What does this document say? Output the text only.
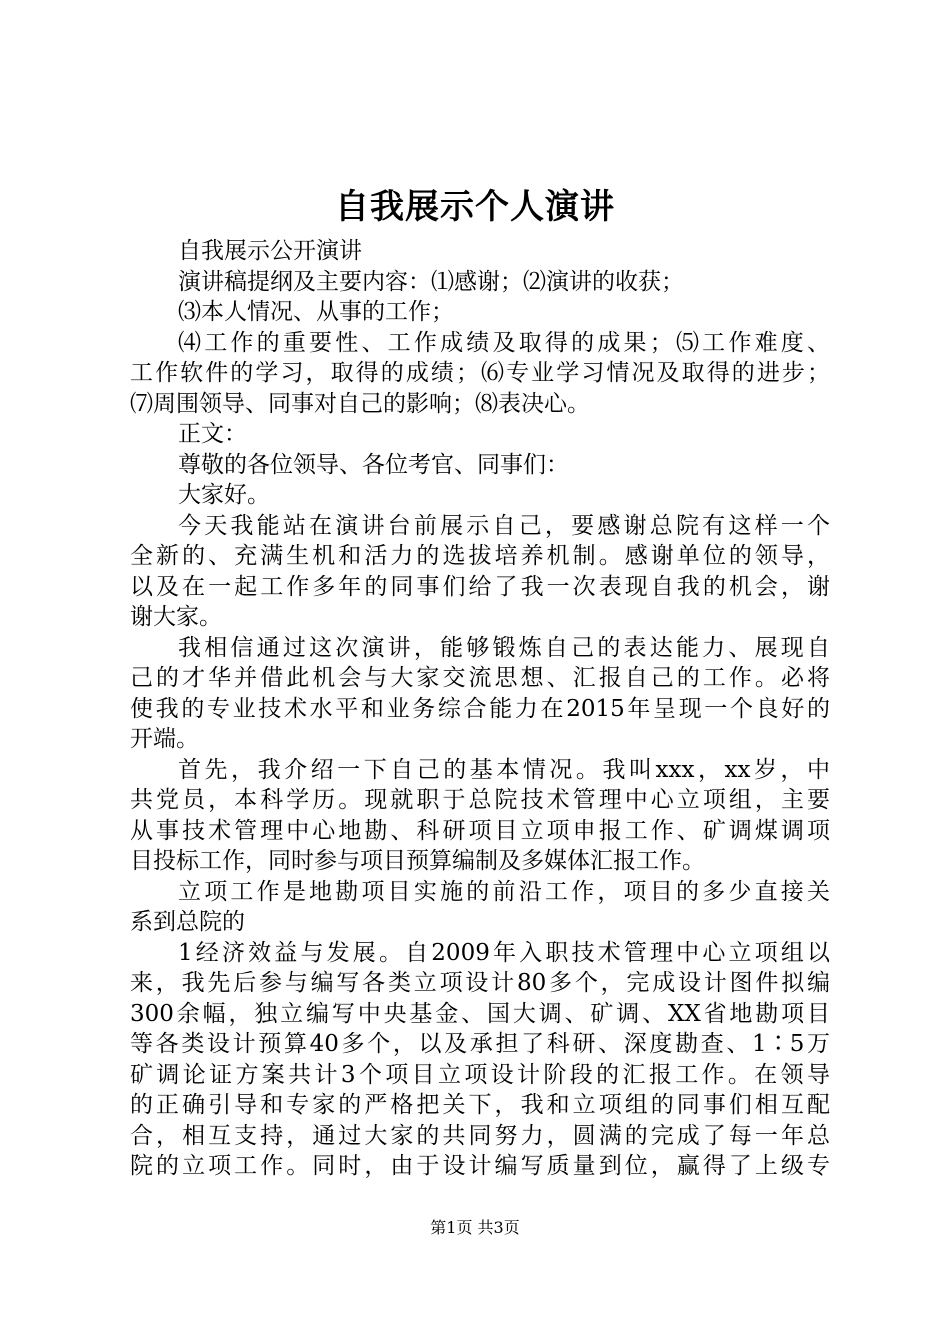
自我展示个人演讲
自我展示公开演讲
演讲稿提纲及主要内容：⑴感谢；⑵演讲的收获；
⑶本人情况、从事的工作；
⑷工作的重要性、工作成绩及取得的成果；⑸工作难度、
工作软件的学习，取得的成绩；⑹专业学习情况及取得的进步；
⑺周围领导、同事对自己的影响；⑻表决心。
正文：
尊敬的各位领导、各位考官、同事们：
大家好。
今天我能站在演讲台前展示自己，要感谢总院有这样一个
全新的、充满生机和活力的选拔培养机制。感谢单位的领导，
以及在一起工作多年的同事们给了我一次表现自我的机会，谢
谢大家。
我相信通过这次演讲，能够锻炼自己的表达能力、展现自
己的才华并借此机会与大家交流思想、汇报自己的工作。必将
使我的专业技术水平和业务综合能力在2015年呈现一个良好的
开端。
首先，我介绍一下自己的基本情况。我叫xxx，xx岁，中
共党员，本科学历。现就职于总院技术管理中心立项组，主要
从事技术管理中心地勘、科研项目立项申报工作、矿调煤调项
目投标工作，同时参与项目预算编制及多媒体汇报工作。
立项工作是地勘项目实施的前沿工作，项目的多少直接关
系到总院的
1经济效益与发展。自2009年入职技术管理中心立项组以
来，我先后参与编写各类立项设计80多个，完成设计图件拟编
300余幅，独立编写中央基金、国大调、矿调、XX省地勘项目
等各类设计预算40多个，以及承担了科研、深度勘查、1∶5万
矿调论证方案共计3个项目立项设计阶段的汇报工作。在领导
的正确引导和专家的严格把关下，我和立项组的同事们相互配
合，相互支持，通过大家的共同努力，圆满的完成了每一年总
院的立项工作。同时，由于设计编写质量到位，赢得了上级专
第1页 共3页
